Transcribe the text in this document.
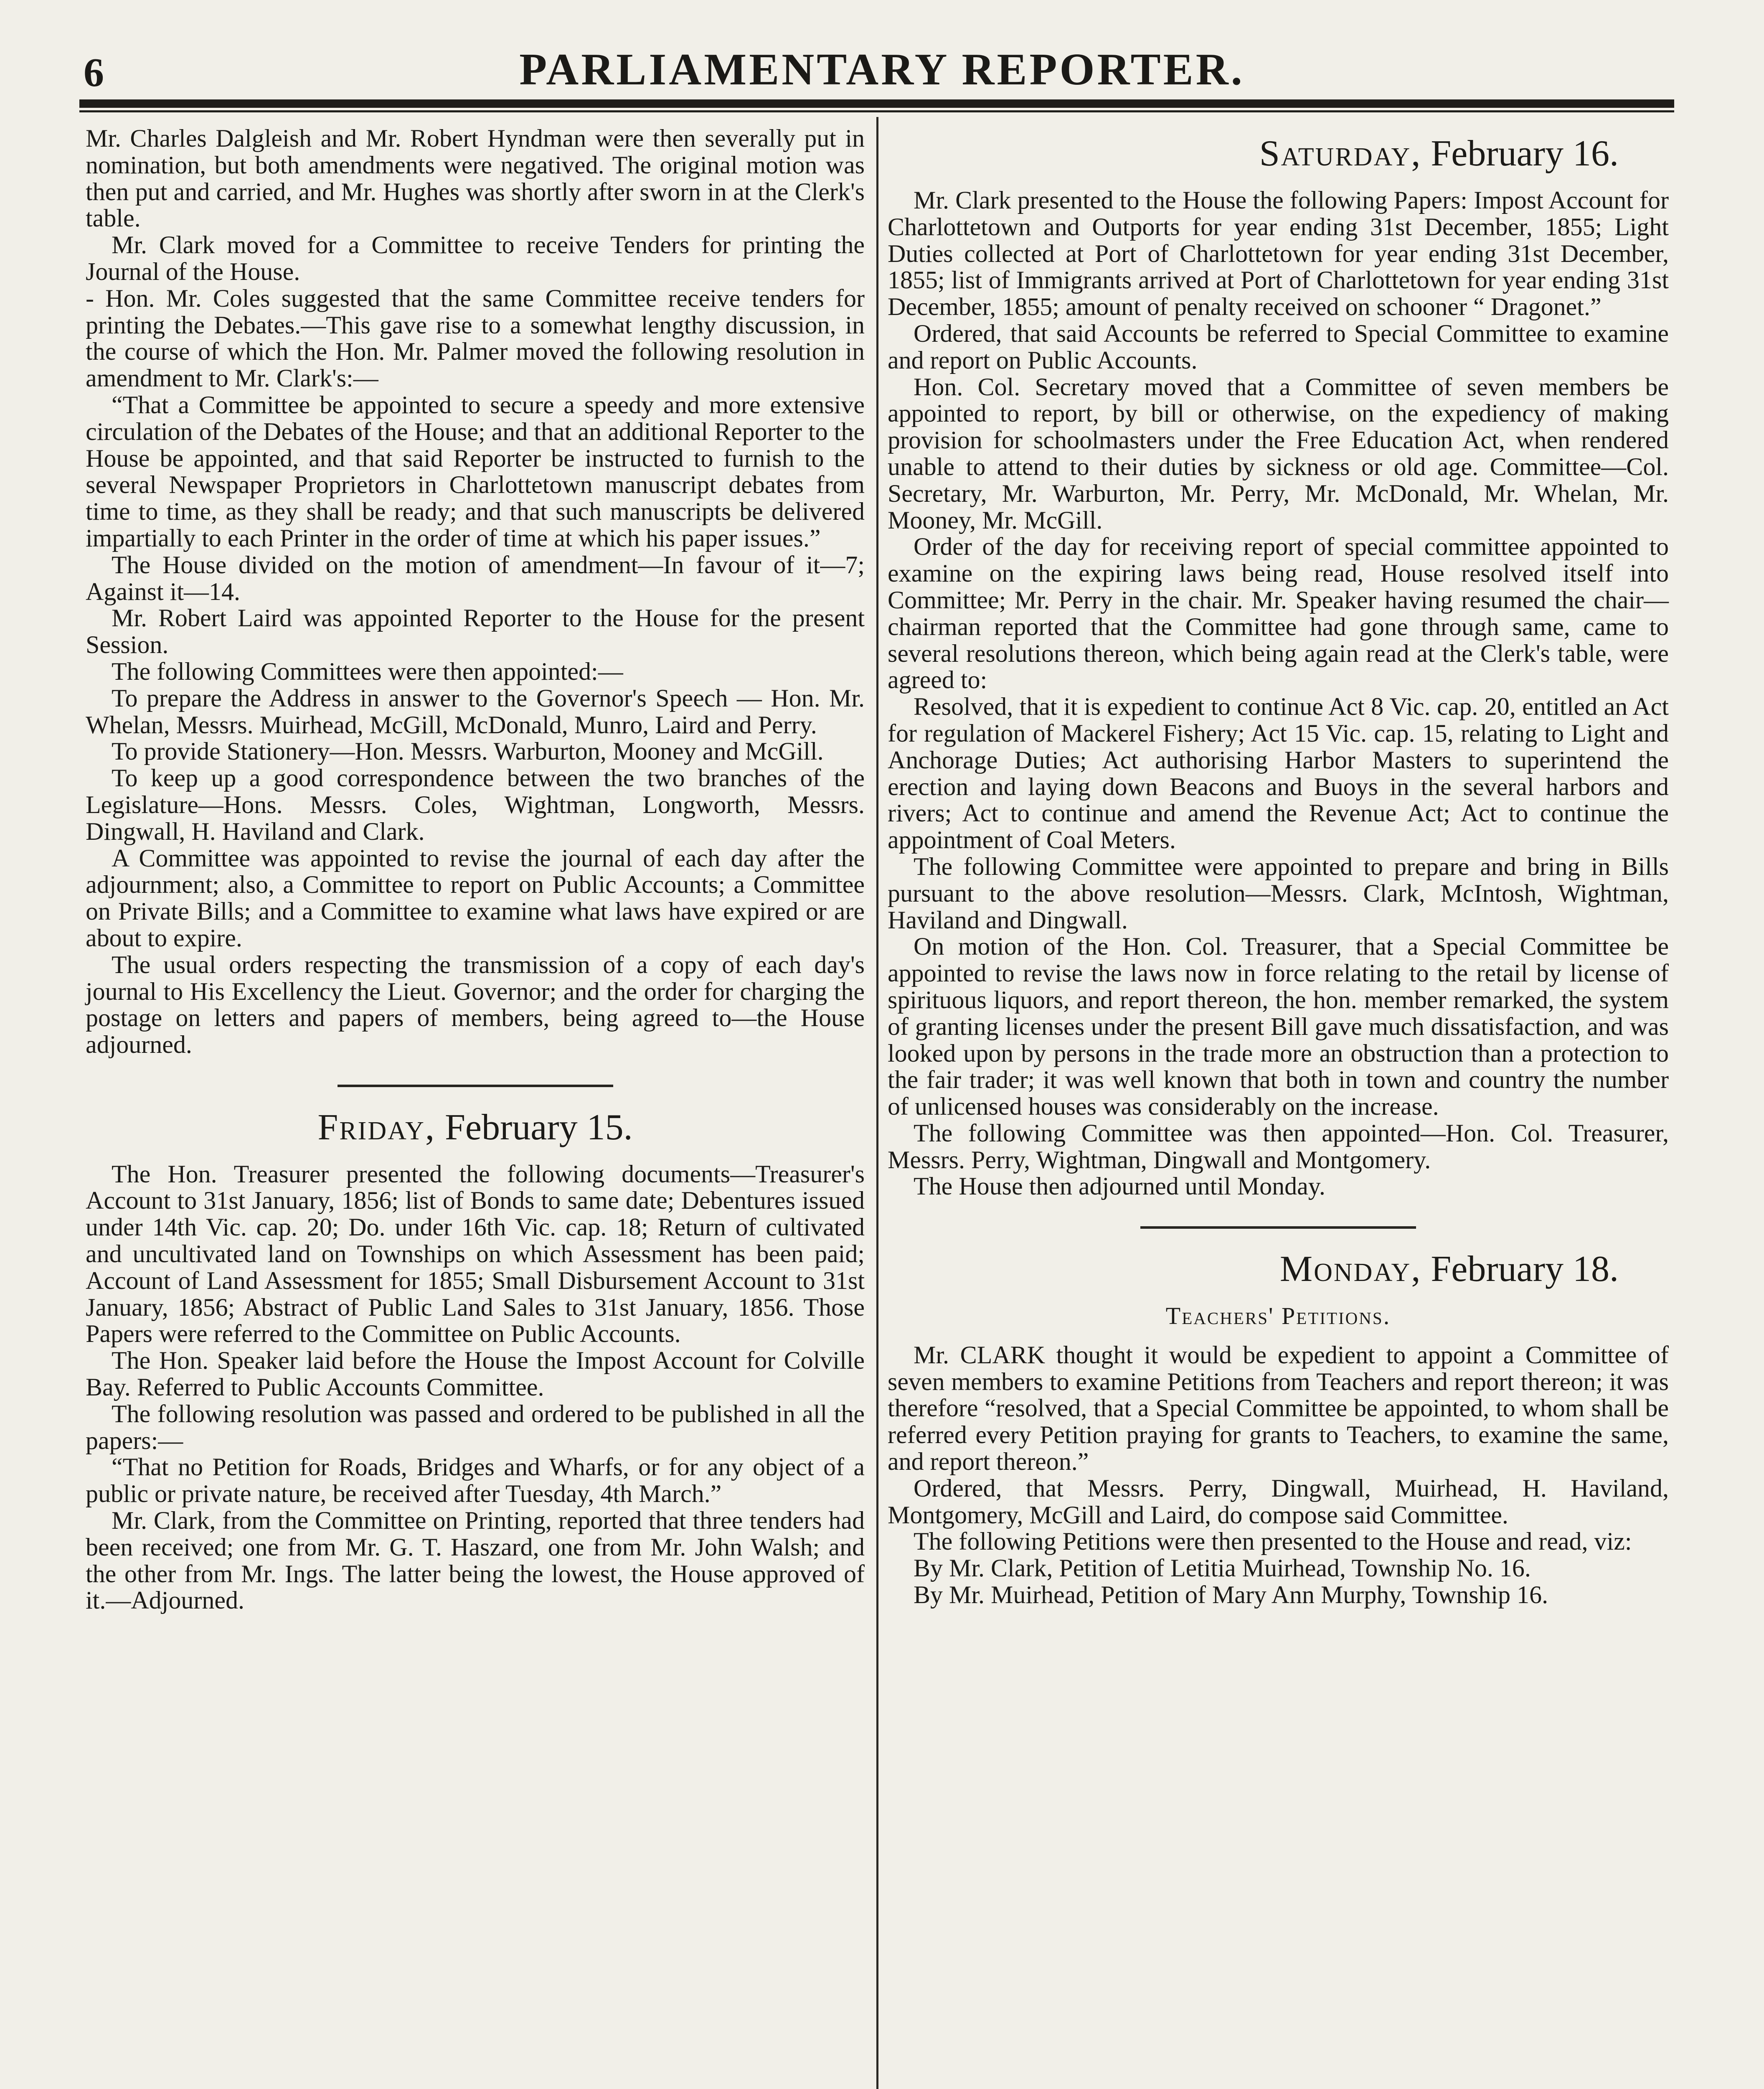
6	PARLIAMENTARY REPORTER.

Mr. Charles Dalgleish and Mr. Robert Hyndman were then severally put in nomination, but both amendments were negatived. The original motion was then put and carried, and Mr. Hughes was shortly after sworn in at the Clerk's table.

Mr. Clark moved for a Committee to receive Tenders for printing the Journal of the House.

- Hon. Mr. Coles suggested that the same Committee receive tenders for printing the Debates.—This gave rise to a somewhat lengthy discussion, in the course of which the Hon. Mr. Palmer moved the following resolution in amendment to Mr. Clark's:—

“That a Committee be appointed to secure a speedy and more extensive circulation of the Debates of the House; and that an additional Reporter to the House be appointed, and that said Reporter be instructed to furnish to the several Newspaper Proprietors in Charlottetown manuscript debates from time to time, as they shall be ready; and that such manuscripts be delivered impartially to each Printer in the order of time at which his paper issues.”

The House divided on the motion of amendment—In favour of it—7; Against it—14.

Mr. Robert Laird was appointed Reporter to the House for the present Session.

The following Committees were then appointed:—

To prepare the Address in answer to the Governor's Speech — Hon. Mr. Whelan, Messrs. Muirhead, McGill, McDonald, Munro, Laird and Perry.

To provide Stationery—Hon. Messrs. Warburton, Mooney and McGill.

To keep up a good correspondence between the two branches of the Legislature—Hons. Messrs. Coles, Wightman, Longworth, Messrs. Dingwall, H. Haviland and Clark.

A Committee was appointed to revise the journal of each day after the adjournment; also, a Committee to report on Public Accounts; a Committee on Private Bills; and a Committee to examine what laws have expired or are about to expire.

The usual orders respecting the transmission of a copy of each day's journal to His Excellency the Lieut. Governor; and the order for charging the postage on letters and papers of members, being agreed to—the House adjourned.

Friday, February 15.

The Hon. Treasurer presented the following documents—Treasurer's Account to 31st January, 1856; list of Bonds to same date; Debentures issued under 14th Vic. cap. 20; Do. under 16th Vic. cap. 18; Return of cultivated and uncultivated land on Townships on which Assessment has been paid; Account of Land Assessment for 1855; Small Disbursement Account to 31st January, 1856; Abstract of Public Land Sales to 31st January, 1856. Those Papers were referred to the Committee on Public Accounts.

The Hon. Speaker laid before the House the Impost Account for Colville Bay. Referred to Public Accounts Committee.

The following resolution was passed and ordered to be published in all the papers:—

“That no Petition for Roads, Bridges and Wharfs, or for any object of a public or private nature, be received after Tuesday, 4th March.”

Mr. Clark, from the Committee on Printing, reported that three tenders had been received; one from Mr. G. T. Haszard, one from Mr. John Walsh; and the other from Mr. Ings. The latter being the lowest, the House approved of it.—Adjourned.

Saturday, February 16.

Mr. Clark presented to the House the following Papers: Impost Account for Charlottetown and Outports for year ending 31st December, 1855; Light Duties collected at Port of Charlottetown for year ending 31st December, 1855; list of Immigrants arrived at Port of Charlottetown for year ending 31st December, 1855; amount of penalty received on schooner “ Dragonet.”

Ordered, that said Accounts be referred to Special Committee to examine and report on Public Accounts.

Hon. Col. Secretary moved that a Committee of seven members be appointed to report, by bill or otherwise, on the expediency of making provision for schoolmasters under the Free Education Act, when rendered unable to attend to their duties by sickness or old age. Committee—Col. Secretary, Mr. Warburton, Mr. Perry, Mr. McDonald, Mr. Whelan, Mr. Mooney, Mr. McGill.

Order of the day for receiving report of special committee appointed to examine on the expiring laws being read, House resolved itself into Committee; Mr. Perry in the chair. Mr. Speaker having resumed the chair—chairman reported that the Committee had gone through same, came to several resolutions thereon, which being again read at the Clerk's table, were agreed to:

Resolved, that it is expedient to continue Act 8 Vic. cap. 20, entitled an Act for regulation of Mackerel Fishery; Act 15 Vic. cap. 15, relating to Light and Anchorage Duties; Act authorising Harbor Masters to superintend the erection and laying down Beacons and Buoys in the several harbors and rivers; Act to continue and amend the Revenue Act; Act to continue the appointment of Coal Meters.

The following Committee were appointed to prepare and bring in Bills pursuant to the above resolution—Messrs. Clark, McIntosh, Wightman, Haviland and Dingwall.

On motion of the Hon. Col. Treasurer, that a Special Committee be appointed to revise the laws now in force relating to the retail by license of spirituous liquors, and report thereon, the hon. member remarked, the system of granting licenses under the present Bill gave much dissatisfaction, and was looked upon by persons in the trade more an obstruction than a protection to the fair trader; it was well known that both in town and country the number of unlicensed houses was considerably on the increase.

The following Committee was then appointed—Hon. Col. Treasurer, Messrs. Perry, Wightman, Dingwall and Montgomery.

The House then adjourned until Monday.

Monday, February 18.
Teachers' Petitions.

Mr. CLARK thought it would be expedient to appoint a Committee of seven members to examine Petitions from Teachers and report thereon; it was therefore “resolved, that a Special Committee be appointed, to whom shall be referred every Petition praying for grants to Teachers, to examine the same, and report thereon.”

Ordered, that Messrs. Perry, Dingwall, Muirhead, H. Haviland, Montgomery, McGill and Laird, do compose said Committee.

The following Petitions were then presented to the House and read, viz:

By Mr. Clark, Petition of Letitia Muirhead, Township No. 16.

By Mr. Muirhead, Petition of Mary Ann Murphy, Township 16.
